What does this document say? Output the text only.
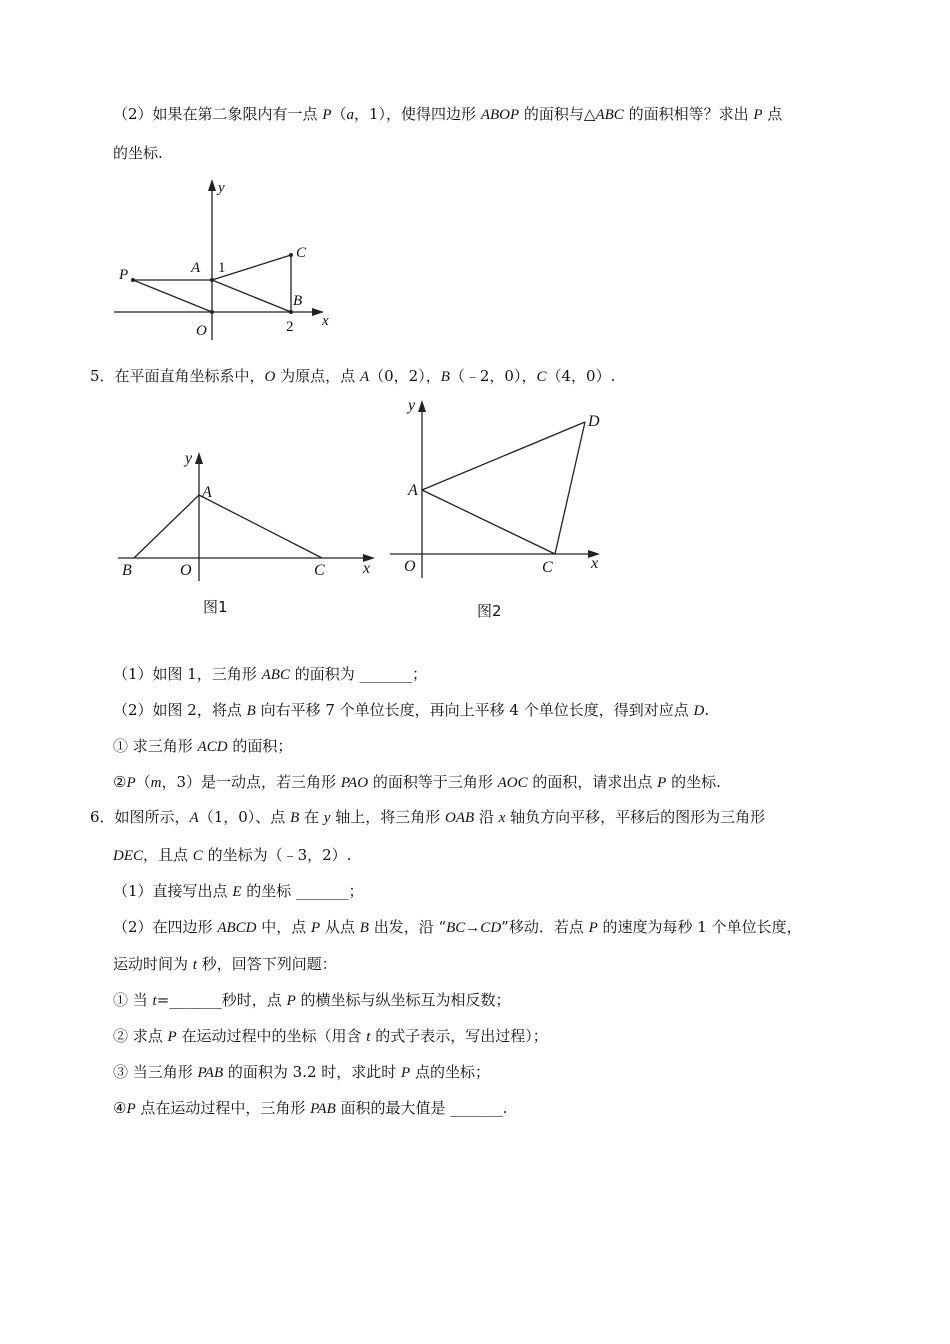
（2）如果在第二象限内有一点 P（a，1），使得四边形 ABOP 的面积与△ABC 的面积相等？求出 P 点
的坐标.
y
x
P	A
C
B
O
1
2
5．在平面直角坐标系中，O 为原点，点 A（0，2），B（﹣2，0），C（4，0）.
y
A
B	O	C x
图1
y
D
A
O	C x
图2
（1）如图 1，三角形 ABC 的面积为 _______；
（2）如图 2，将点 B 向右平移 7 个单位长度，再向上平移 4 个单位长度，得到对应点 D.
① 求三角形 ACD 的面积；
②P（m，3）是一动点，若三角形 PAO 的面积等于三角形 AOC 的面积，请求出点 P 的坐标.
6．如图所示，A（1，0）、点 B 在 y 轴上，将三角形 OAB 沿 x 轴负方向平移，平移后的图形为三角形
DEC，且点 C 的坐标为（﹣3，2）.
（1）直接写出点 E 的坐标 _______；
（2）在四边形 ABCD 中，点 P 从点 B 出发，沿 “BC→CD”移动．若点 P 的速度为每秒 1 个单位长度，
运动时间为 t 秒，回答下列问题：
① 当 t=_______秒时，点 P 的横坐标与纵坐标互为相反数；
② 求点 P 在运动过程中的坐标（用含 t 的式子表示，写出过程）；
③ 当三角形 PAB 的面积为 3.2 时，求此时 P 点的坐标；
④P 点在运动过程中，三角形 PAB 面积的最大值是 _______.
